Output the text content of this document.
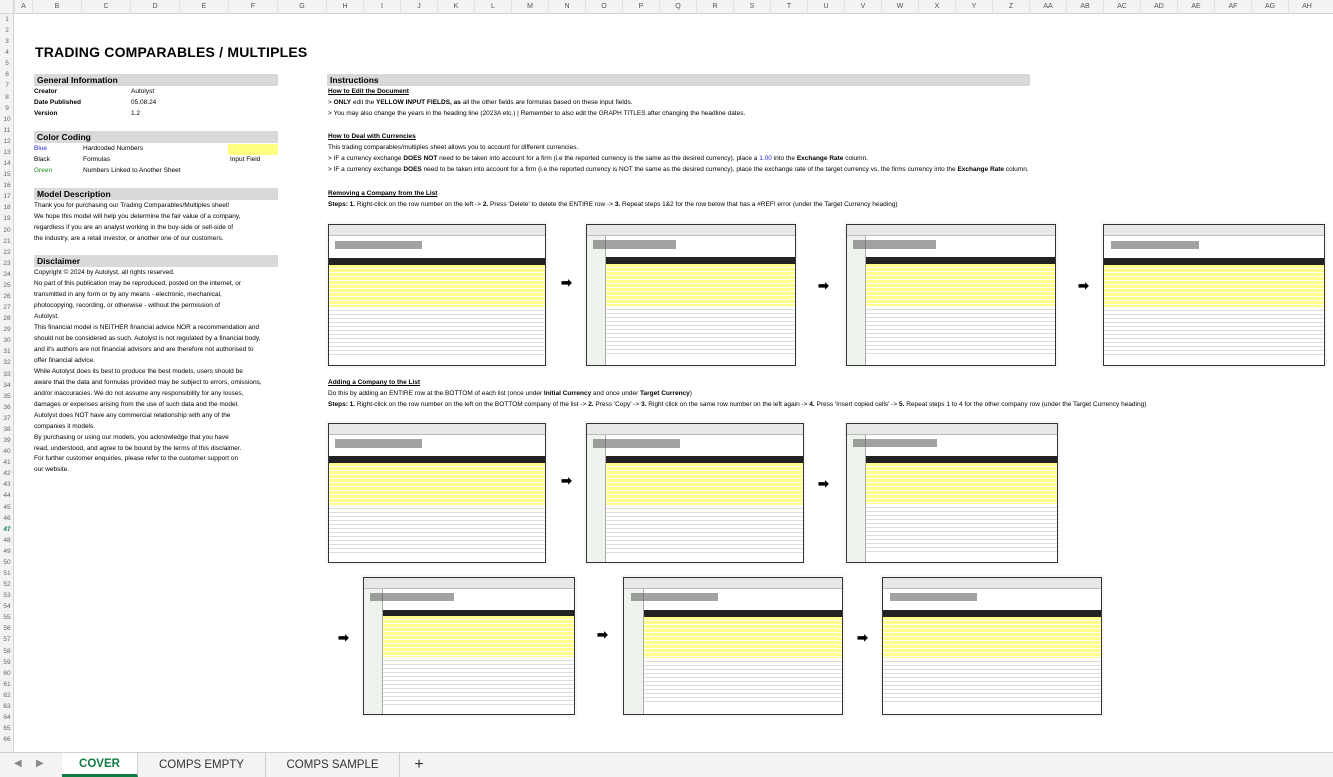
A	B	C	D	E	F	G	H	I	J	K	L	M	N	O	P	Q	R	S	T	U	V	W	X	Y	Z	AA	AB	AC	AD	AE	AF	AG	AH
1
2
3
4
5
6
7
8
9
10
11
12
13
14
15
16
17
18
19
20
21
22
23
24
25
26
27
28
29
30
31
32
33
34
35
36
37
38
39
40
41
42
43
44
45
46
47
48
49
50
51
52
53
54
55
56
57
58
59
60
61
62
63
64
65
66
TRADING COMPARABLES / MULTIPLES
General Information
Creator	Autolyst
Date Published	05.08.24
Version	1.2
Color Coding
Blue	Hardcoded Numbers
Black	Formulas	Input Field
Green	Numbers Linked to Another Sheet
Model Description
Thank you for purchasing our Trading Comparables/Multiples sheet!
We hope this model will help you determine the fair value of a company,
regardless if you are an analyst working in the buy-side or sell-side of
the industry, are a retail investor, or another one of our customers.
Disclaimer
Copyright © 2024 by Autolyst, all rights reserved.
No part of this publication may be reproduced, posted on the internet, or
transmitted in any form or by any means - electronic, mechanical,
photocopying, recording, or otherwise - without the permission of
Autolyst.
This financial model is NEITHER financial advice NOR a recommendation and
should not be considered as such. Autolyst is not regulated by a financial body,
and it's authors are not financial advisors and are therefore not authorised to
offer financial advice.
While Autolyst does its best to produce the best models, users should be
aware that the data and formulas provided may be subject to errors, omissions,
and/or inaccuracies. We do not assume any responsibility for any losses,
damages or expenses arising from the use of such data and the model.
Autolyst does NOT have any commercial relationship with any of the
companies it models.
By purchasing or using our models, you acknowledge that you have
read, understood, and agree to be bound by the terms of this disclaimer.
For further customer enquiries, please refer to the customer support on
our website.
Instructions
How to Edit the Document
> ONLY edit the YELLOW INPUT FIELDS, as all the other fields are formulas based on these input fields.
> You may also change the years in the heading line (2023A etc.) | Remember to also edit the GRAPH TITLES after changing the headline dates.
How to Deal with Currencies
This trading comparables/multiples sheet allows you to account for different currencies.
> IF a currency exchange DOES NOT need to be taken into account for a firm (i.e the reported currency is the same as the desired currency), place a 1.00 into the Exchange Rate column.
> IF a currency exchange DOES need to be taken into account for a firm (i.e the reported currency is NOT the same as the desired currency), place the exchange rate of the target currency vs. the firms currency into the Exchange Rate column.
Removing a Company from the List
Steps: 1. Right-click on the row number on the left -> 2. Press 'Delete' to delete the ENTIRE row -> 3. Repeat steps 1&2 for the row below that has a #REF! error (under the Target Currency heading)
Adding a Company to the List
Do this by adding an ENTIRE row at the BOTTOM of each list (once under Initial Currency and once under Target Currency)
Steps: 1. Right-click on the row number on the left on the BOTTOM company of the list -> 2. Press 'Copy' -> 3. Right click on the same row number on the left again -> 4. Press 'Insert copied cells' -> 5. Repeat steps 1 to 4 for the other company row (under the Target Currency heading)
➡	➡	➡
➡	➡
➡	➡	➡
◀ ▶	COVER	COMPS EMPTY	COMPS SAMPLE	+
